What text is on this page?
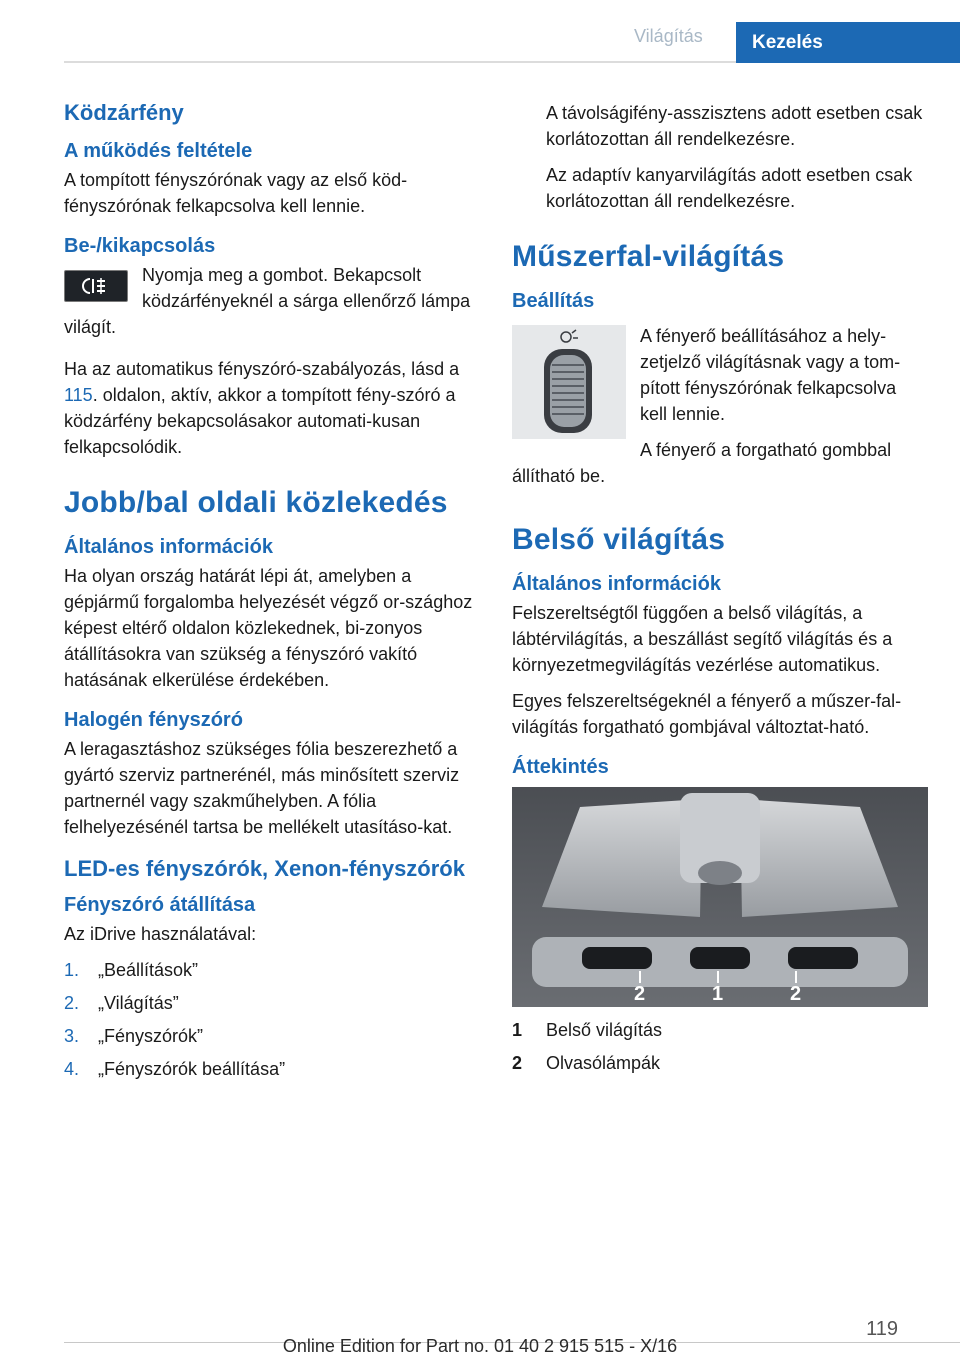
Világítás	Kezelés
Ködzárfény
A működés feltétele

A tompított fényszórónak vagy az első köd-fényszórónak felkapcsolva kell lennie.

Be-/kikapcsolás

Nyomja meg a gombot. Bekapcsolt ködzárfényeknél a sárga ellenőrző lámpa világít.

Ha az automatikus fényszóró-szabályozás, lásd a 115. oldalon, aktív, akkor a tompított fény-szóró a ködzárfény bekapcsolásakor automati-kusan felkapcsolódik.

Jobb/bal oldali közlekedés
Általános információk

Ha olyan ország határát lépi át, amelyben a gépjármű forgalomba helyezését végző or-szághoz képest eltérő oldalon közlekednek, bi-zonyos átállításokra van szükség a fényszóró vakító hatásának elkerülése érdekében.

Halogén fényszóró

A leragasztáshoz szükséges fólia beszerezhető a gyártó szerviz partnerénél, más minősített szerviz partnernél vagy szakműhelyben. A fólia felhelyezésénél tartsa be mellékelt utasításo-kat.

LED-es fényszórók, Xenon-fényszórók
Fényszóró átállítása

Az iDrive használatával:

1.	„Beállítások”
2.	„Világítás”
3.	„Fényszórók”
4.	„Fényszórók beállítása”

A távolságifény-asszisztens adott esetben csak korlátozottan áll rendelkezésre.

Az adaptív kanyarvilágítás adott esetben csak korlátozottan áll rendelkezésre.

Műszerfal-világítás
Beállítás

A fényerő beállításához a hely-zetjelző világításnak vagy a tom-pított fényszórónak felkapcsolva kell lennie.

A fényerő a forgatható gombbal állítható be.

Belső világítás
Általános információk

Felszereltségtől függően a belső világítás, a lábtérvilágítás, a beszállást segítő világítás és a környezetmegvilágítás vezérlése automatikus.

Egyes felszereltségeknél a fényerő a műszer-fal-világítás forgatható gombjával változtat-ható.

Áttekintés
2	1	2
1	Belső világítás
2	Olvasólámpák
119
Online Edition for Part no. 01 40 2 915 515 - X/16
